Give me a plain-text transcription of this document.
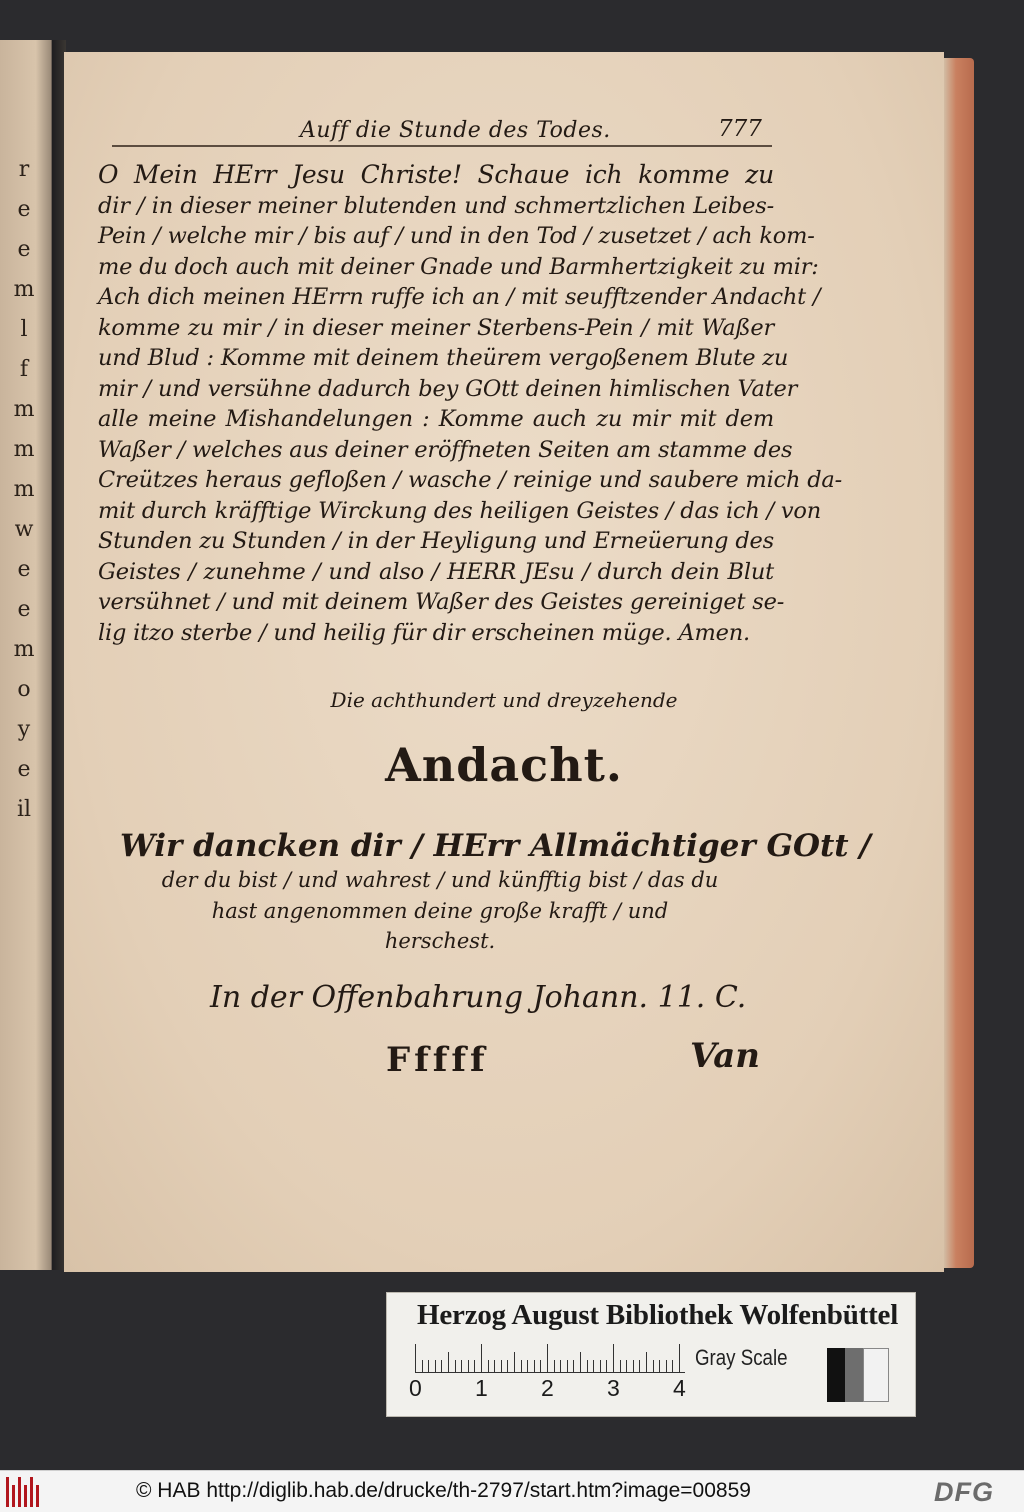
r
e
e
m
l
f
m
m
m
w
e
e
m
o
y
e
il
Auff die Stunde des Todes.	777
O Mein HErr Jesu Christe! Schaue ich komme zu
dir / in dieser meiner blutenden und schmertzlichen Leibes-
Pein / welche mir / bis auf / und in den Tod / zusetzet / ach kom-
me du doch auch mit deiner Gnade und Barmhertzigkeit zu mir:
Ach dich meinen HErrn ruffe ich an / mit seufftzender Andacht /
komme zu mir / in dieser meiner Sterbens-Pein / mit Waßer
und Blud : Komme mit deinem theürem vergoßenem Blute zu
mir / und versühne dadurch bey GOtt deinen himlischen Vater
alle meine Mishandelungen : Komme auch zu mir mit dem
Waßer / welches aus deiner eröffneten Seiten am stamme des
Creützes heraus gefloßen / wasche / reinige und saubere mich da-
mit durch kräfftige Wirckung des heiligen Geistes / das ich / von
Stunden zu Stunden / in der Heyligung und Erneüerung des
Geistes / zunehme / und also / HERR JEsu / durch dein Blut
versühnet / und mit deinem Waßer des Geistes gereiniget se-
lig itzo sterbe / und heilig für dir erscheinen müge. Amen.
Die achthundert und dreyzehende
Andacht.
Wir dancken dir / HErr Allmächtiger GOtt /
der du bist / und wahrest / und künfftig bist / das du
hast angenommen deine große krafft / und
herschest.
In der Offenbahrung Johann. 11. C.
Fffff	Van
Herzog August Bibliothek Wolfenbüttel
0 1 2 3 4
Gray Scale
© HAB http://diglib.hab.de/drucke/th-2797/start.htm?image=00859	DFG
